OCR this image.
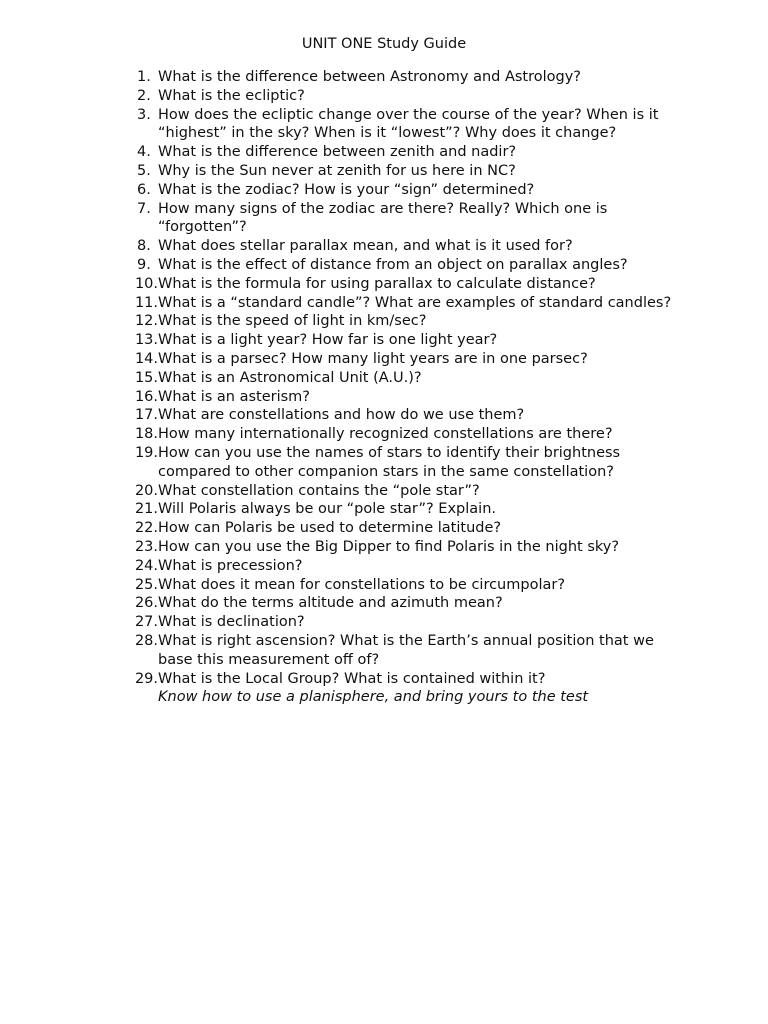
UNIT ONE Study Guide
1. What is the difference between Astronomy and Astrology?
2. What is the ecliptic?
3. How does the ecliptic change over the course of the year? When is it “highest” in the sky? When is it “lowest”? Why does it change?
4. What is the difference between zenith and nadir?
5. Why is the Sun never at zenith for us here in NC?
6. What is the zodiac? How is your “sign” determined?
7. How many signs of the zodiac are there? Really? Which one is “forgotten”?
8. What does stellar parallax mean, and what is it used for?
9. What is the effect of distance from an object on parallax angles?
10. What is the formula for using parallax to calculate distance?
11. What is a “standard candle”? What are examples of standard candles?
12. What is the speed of light in km/sec?
13. What is a light year? How far is one light year?
14. What is a parsec? How many light years are in one parsec?
15. What is an Astronomical Unit (A.U.)?
16. What is an asterism?
17. What are constellations and how do we use them?
18. How many internationally recognized constellations are there?
19. How can you use the names of stars to identify their brightness compared to other companion stars in the same constellation?
20. What constellation contains the “pole star”?
21. Will Polaris always be our “pole star”? Explain.
22. How can Polaris be used to determine latitude?
23. How can you use the Big Dipper to find Polaris in the night sky?
24. What is precession?
25. What does it mean for constellations to be circumpolar?
26. What do the terms altitude and azimuth mean?
27. What is declination?
28. What is right ascension? What is the Earth’s annual position that we base this measurement off of?
29. What is the Local Group? What is contained within it?
Know how to use a planisphere, and bring yours to the test
